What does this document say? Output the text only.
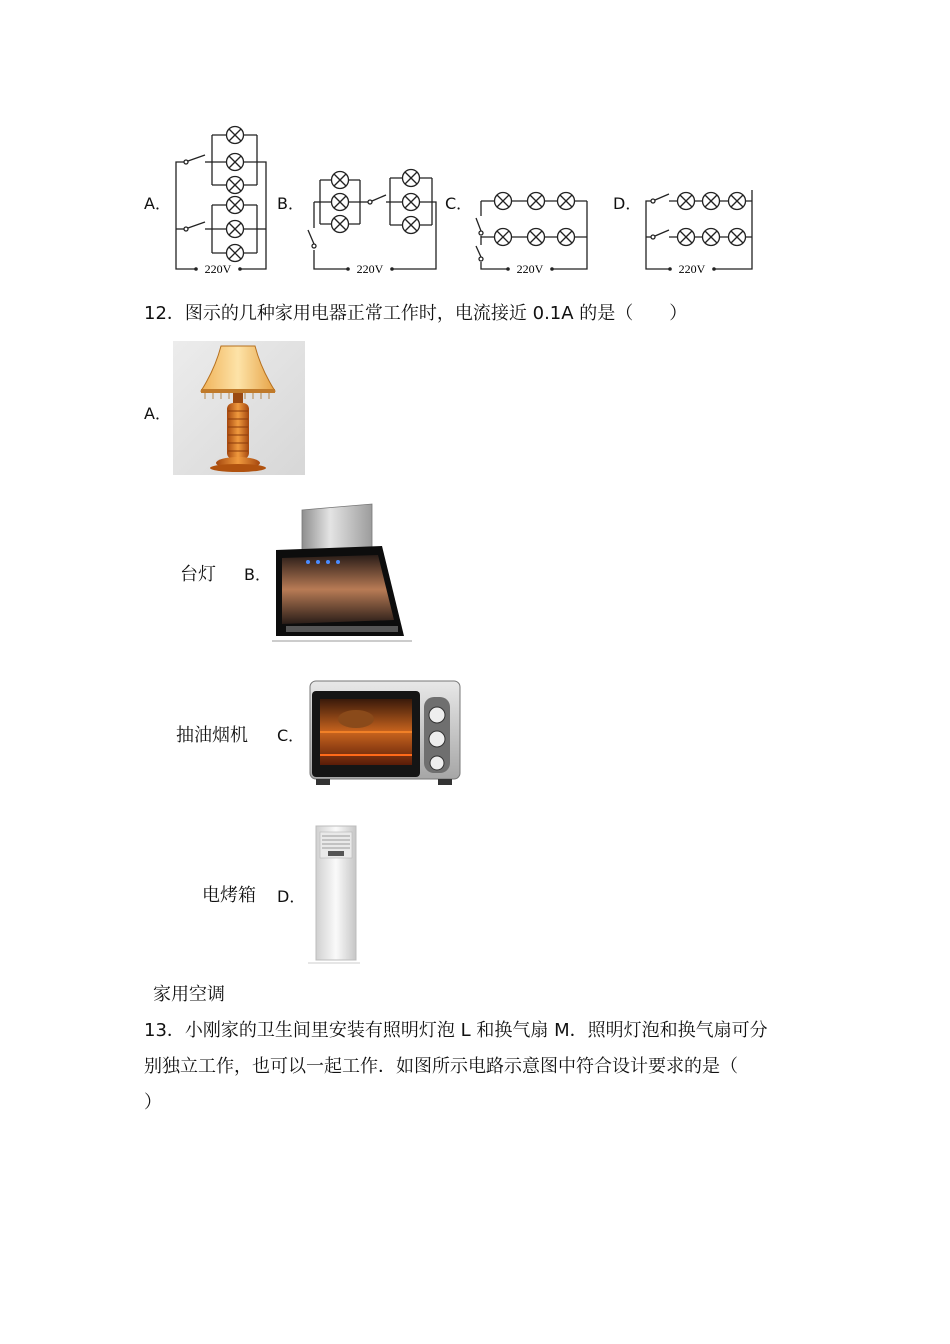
A．	B．	C．	D．
220V	220V	220V	220V
12．图示的几种家用电器正常工作时，电流接近 0.1A 的是（　　）
A．
台灯 B．
抽油烟机 C．
电烤箱 D．
家用空调
13．小刚家的卫生间里安装有照明灯泡 L 和换气扇 M．照明灯泡和换气扇可分
别独立工作，也可以一起工作．如图所示电路示意图中符合设计要求的是（
）
